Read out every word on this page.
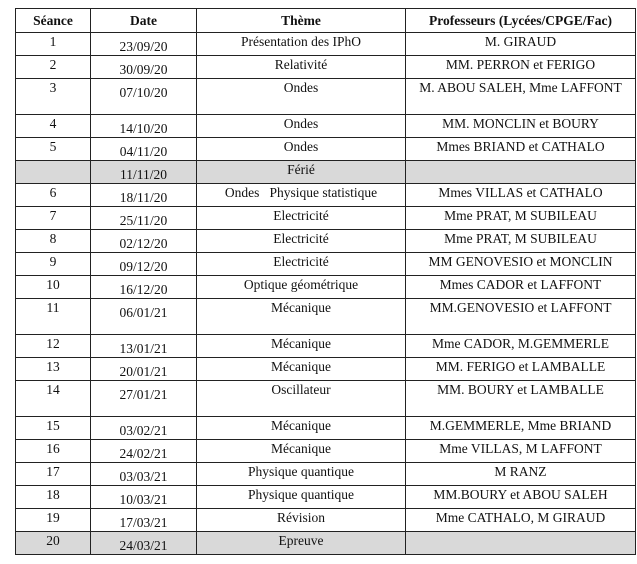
Séance	Date	Thème	Professeurs (Lycées/CPGE/Fac)
1	23/09/20	Présentation des IPhO	M. GIRAUD
2	30/09/20	Relativité	MM. PERRON et FERIGO
3	07/10/20	Ondes	M. ABOU SALEH, Mme LAFFONT
4	14/10/20	Ondes	MM. MONCLIN et BOURY
5	04/11/20	Ondes	Mmes BRIAND et CATHALO
	11/11/20	Férié	
6	18/11/20	Ondes   Physique statistique	Mmes VILLAS et CATHALO
7	25/11/20	Electricité	Mme PRAT, M SUBILEAU
8	02/12/20	Electricité	Mme PRAT, M SUBILEAU
9	09/12/20	Electricité	MM GENOVESIO et MONCLIN
10	16/12/20	Optique géométrique	Mmes CADOR et LAFFONT
11	06/01/21	Mécanique	MM.GENOVESIO et LAFFONT
12	13/01/21	Mécanique	Mme CADOR, M.GEMMERLE
13	20/01/21	Mécanique	MM. FERIGO et LAMBALLE
14	27/01/21	Oscillateur	MM. BOURY et LAMBALLE
15	03/02/21	Mécanique	M.GEMMERLE, Mme BRIAND
16	24/02/21	Mécanique	Mme VILLAS, M LAFFONT
17	03/03/21	Physique quantique	M RANZ
18	10/03/21	Physique quantique	MM.BOURY et ABOU SALEH
19	17/03/21	Révision	Mme CATHALO, M GIRAUD
20	24/03/21	Epreuve	
